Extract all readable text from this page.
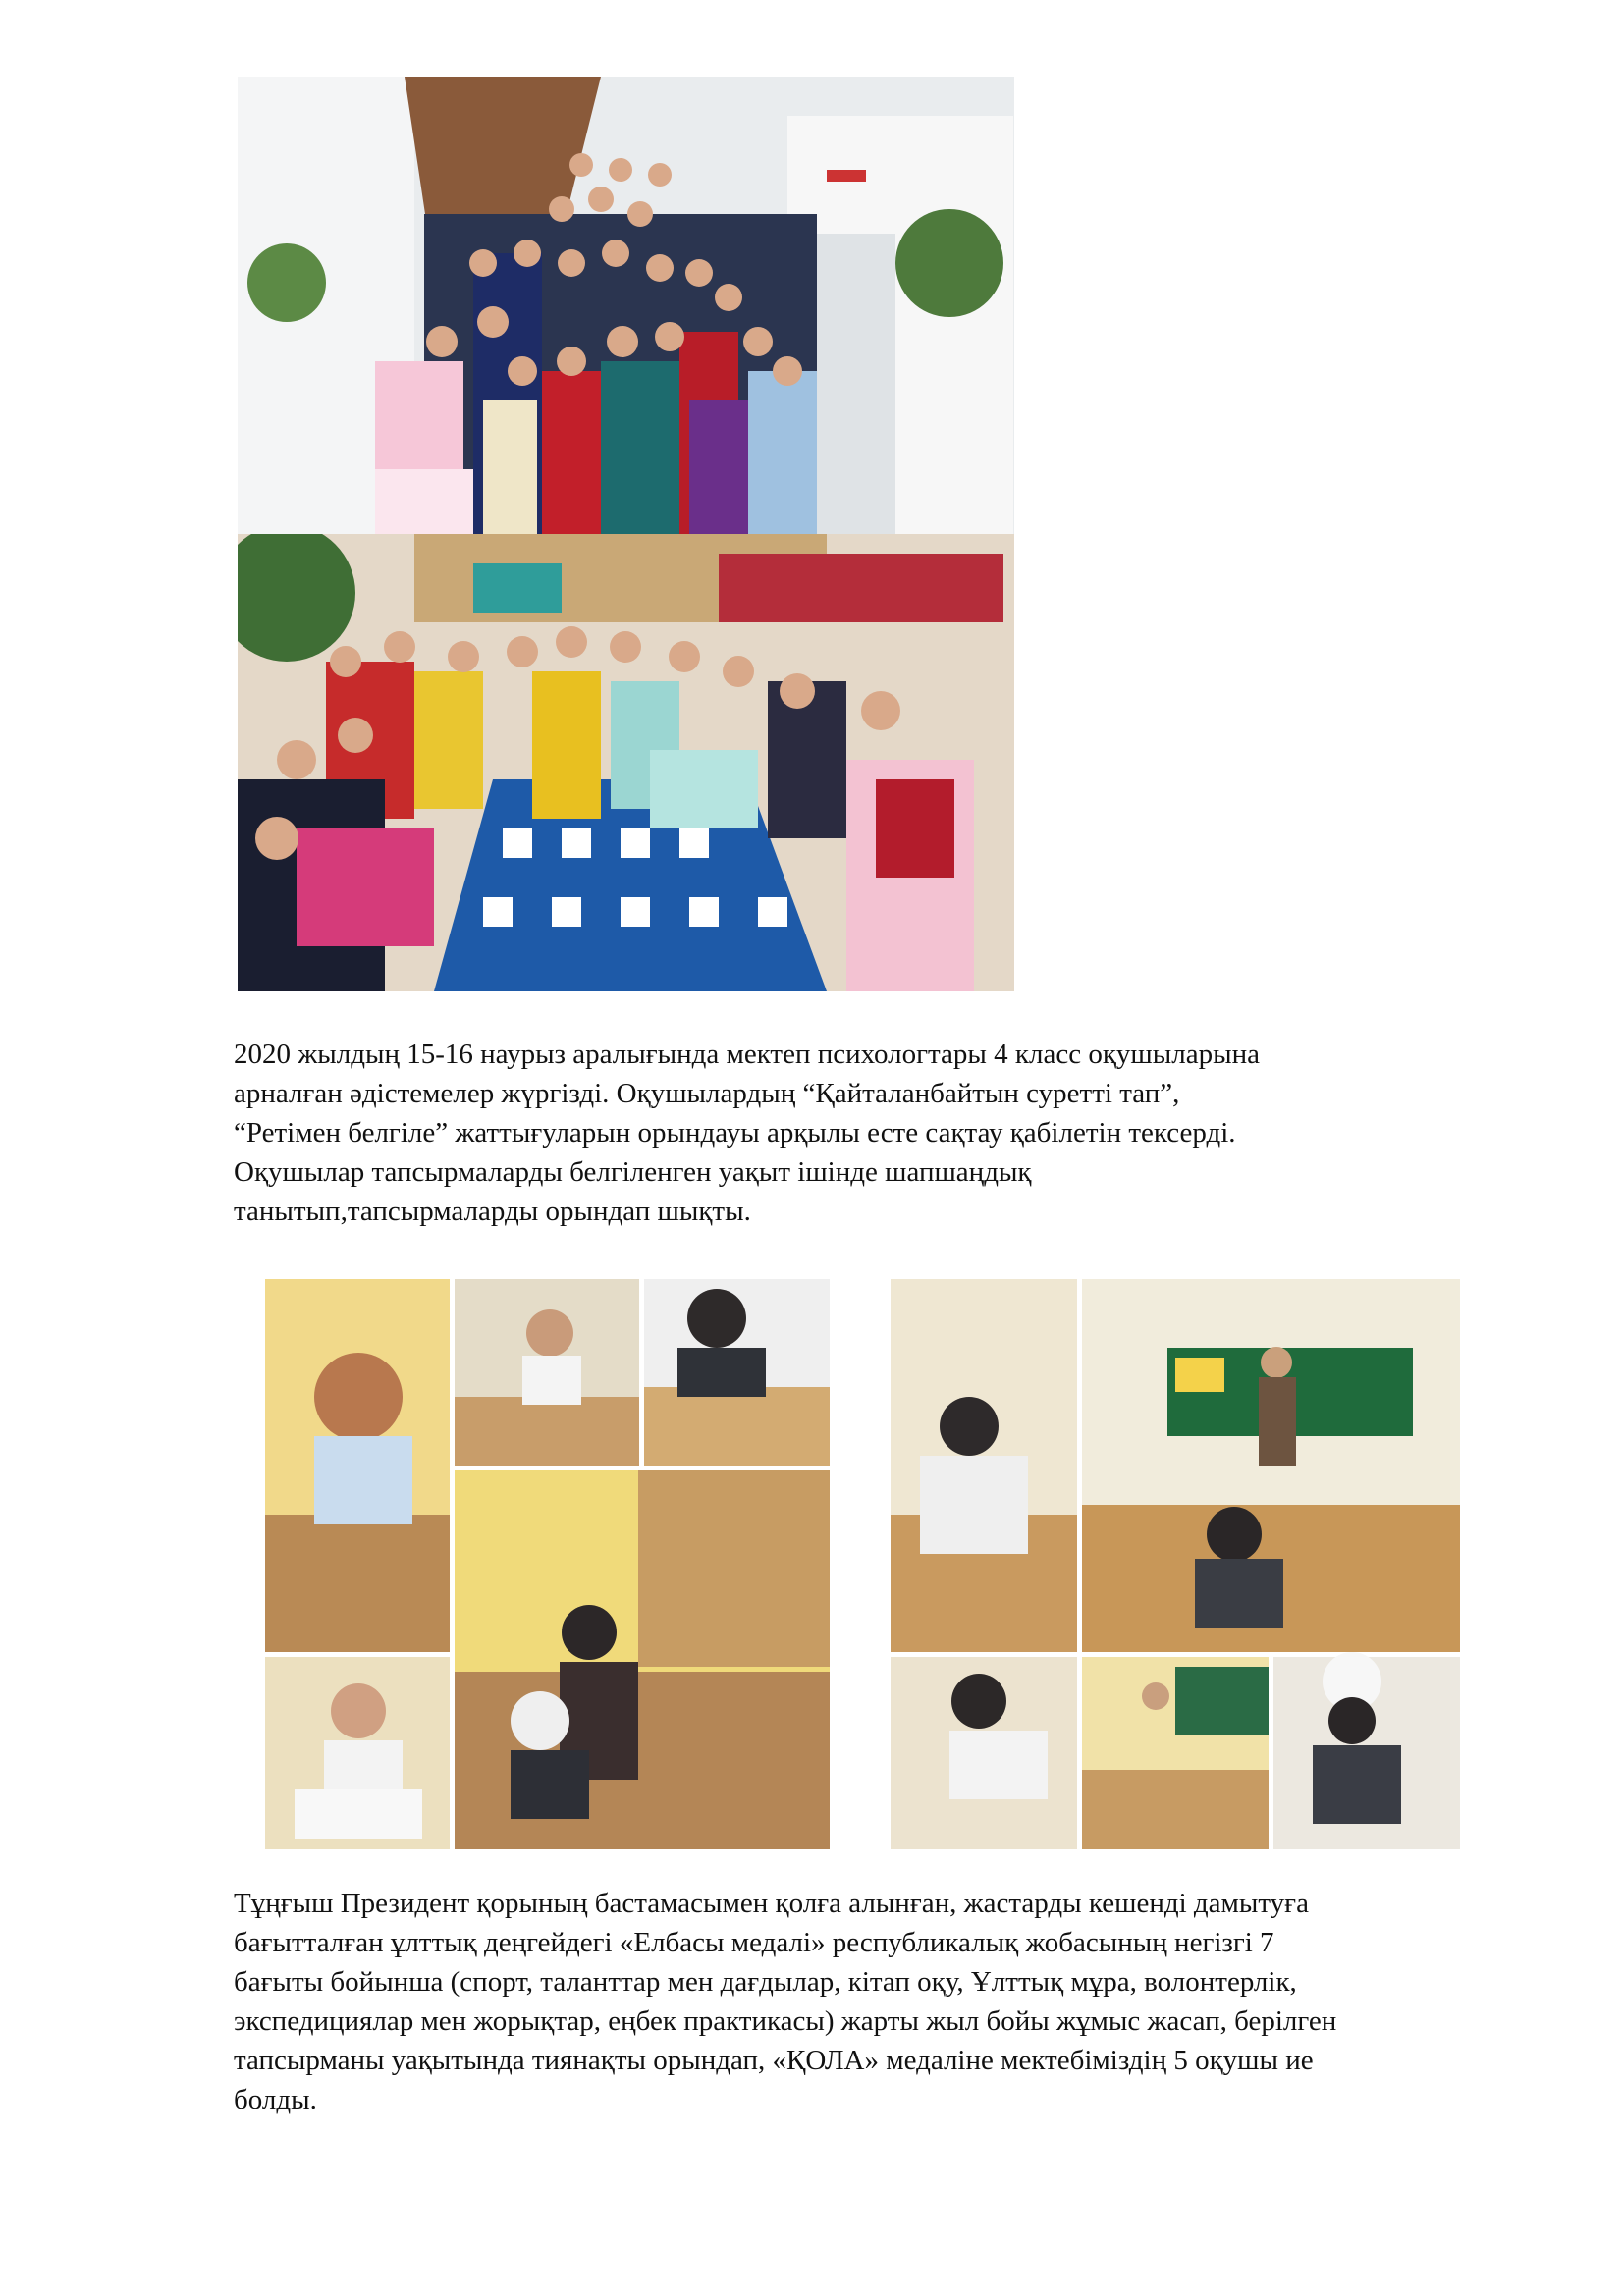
2020 жылдың 15-16 наурыз аралығында мектеп психологтары 4 класс оқушыларына
арналған әдістемелер жүргізді. Оқушылардың “Қайталанбайтын суретті тап”,
“Ретімен белгіле” жаттығуларын орындауы арқылы есте сақтау қабілетін тексерді.
Оқушылар тапсырмаларды белгіленген уақыт ішінде шапшаңдық
танытып,тапсырмаларды орындап шықты.

Тұңғыш Президент қорының бастамасымен қолға алынған, жастарды кешенді дамытуға
бағытталған ұлттық деңгейдегі «Елбасы медалі» республикалық жобасының негізгі 7
бағыты бойынша (спорт, таланттар мен дағдылар, кітап оқу, Ұлттық мұра, волонтерлік,
экспедициялар мен жорықтар, еңбек практикасы) жарты жыл бойы жұмыс жасап, берілген
тапсырманы уақытында тиянақты орындап, «ҚОЛА» медаліне мектебіміздің 5 оқушы ие
болды.
